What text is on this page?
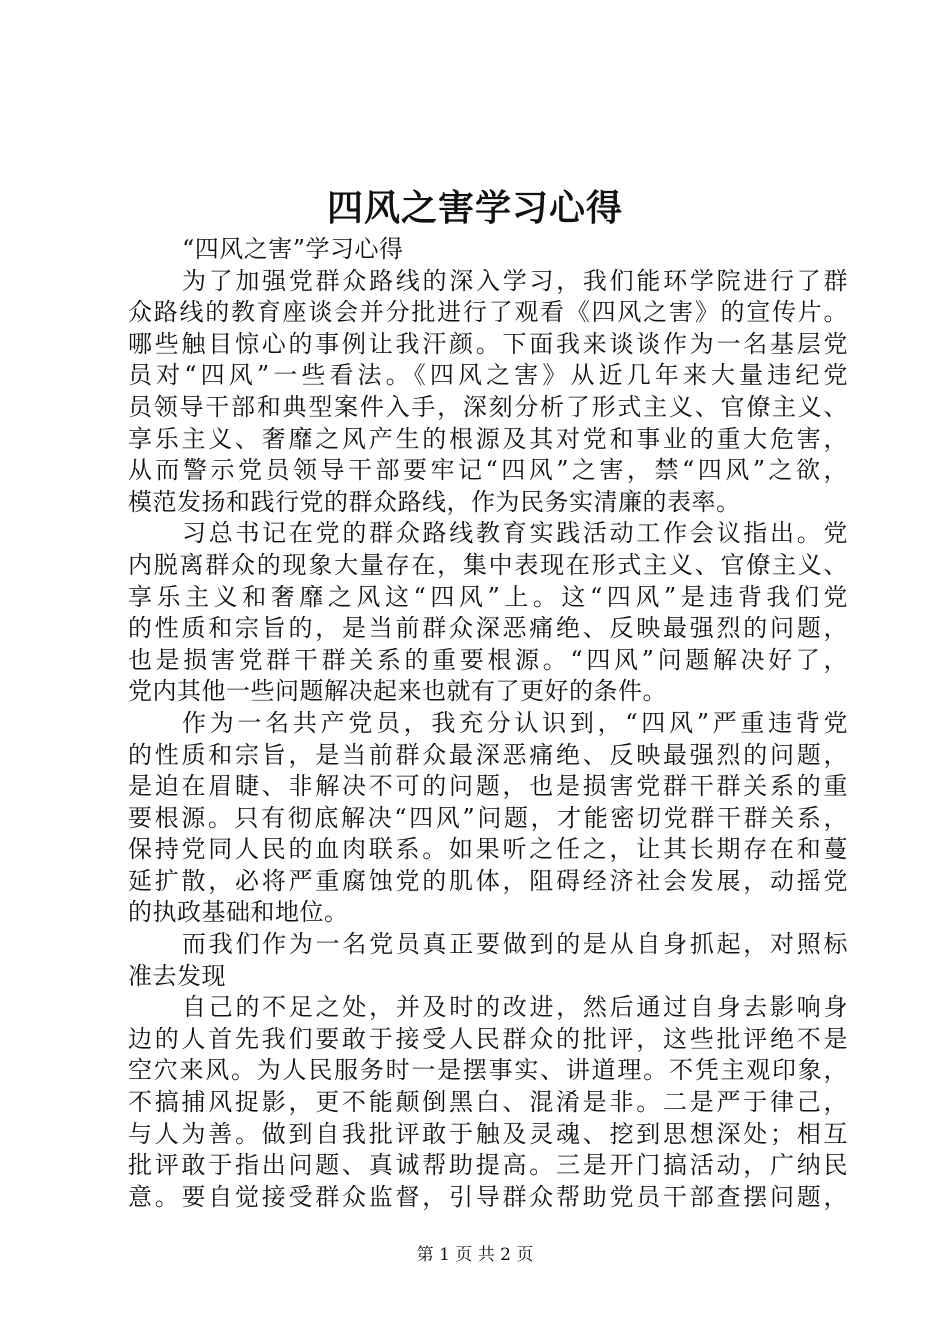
四风之害学习心得
“四风之害”学习心得
为了加强党群众路线的深入学习，我们能环学院进行了群
众路线的教育座谈会并分批进行了观看《四风之害》的宣传片。
哪些触目惊心的事例让我汗颜。下面我来谈谈作为一名基层党
员对“四风”一些看法。《四风之害》从近几年来大量违纪党
员领导干部和典型案件入手，深刻分析了形式主义、官僚主义、
享乐主义、奢靡之风产生的根源及其对党和事业的重大危害，
从而警示党员领导干部要牢记“四风”之害，禁“四风”之欲，
模范发扬和践行党的群众路线，作为民务实清廉的表率。
习总书记在党的群众路线教育实践活动工作会议指出。党
内脱离群众的现象大量存在，集中表现在形式主义、官僚主义、
享乐主义和奢靡之风这“四风”上。这“四风”是违背我们党
的性质和宗旨的，是当前群众深恶痛绝、反映最强烈的问题，
也是损害党群干群关系的重要根源。“四风”问题解决好了，
党内其他一些问题解决起来也就有了更好的条件。
作为一名共产党员，我充分认识到，“四风”严重违背党
的性质和宗旨，是当前群众最深恶痛绝、反映最强烈的问题，
是迫在眉睫、非解决不可的问题，也是损害党群干群关系的重
要根源。只有彻底解决“四风”问题，才能密切党群干群关系，
保持党同人民的血肉联系。如果听之任之，让其长期存在和蔓
延扩散，必将严重腐蚀党的肌体，阻碍经济社会发展，动摇党
的执政基础和地位。
而我们作为一名党员真正要做到的是从自身抓起，对照标
准去发现
自己的不足之处，并及时的改进，然后通过自身去影响身
边的人首先我们要敢于接受人民群众的批评，这些批评绝不是
空穴来风。为人民服务时一是摆事实、讲道理。不凭主观印象，
不搞捕风捉影，更不能颠倒黑白、混淆是非。二是严于律己，
与人为善。做到自我批评敢于触及灵魂、挖到思想深处；相互
批评敢于指出问题、真诚帮助提高。三是开门搞活动，广纳民
意。要自觉接受群众监督，引导群众帮助党员干部查摆问题，
第 1 页 共 2 页
